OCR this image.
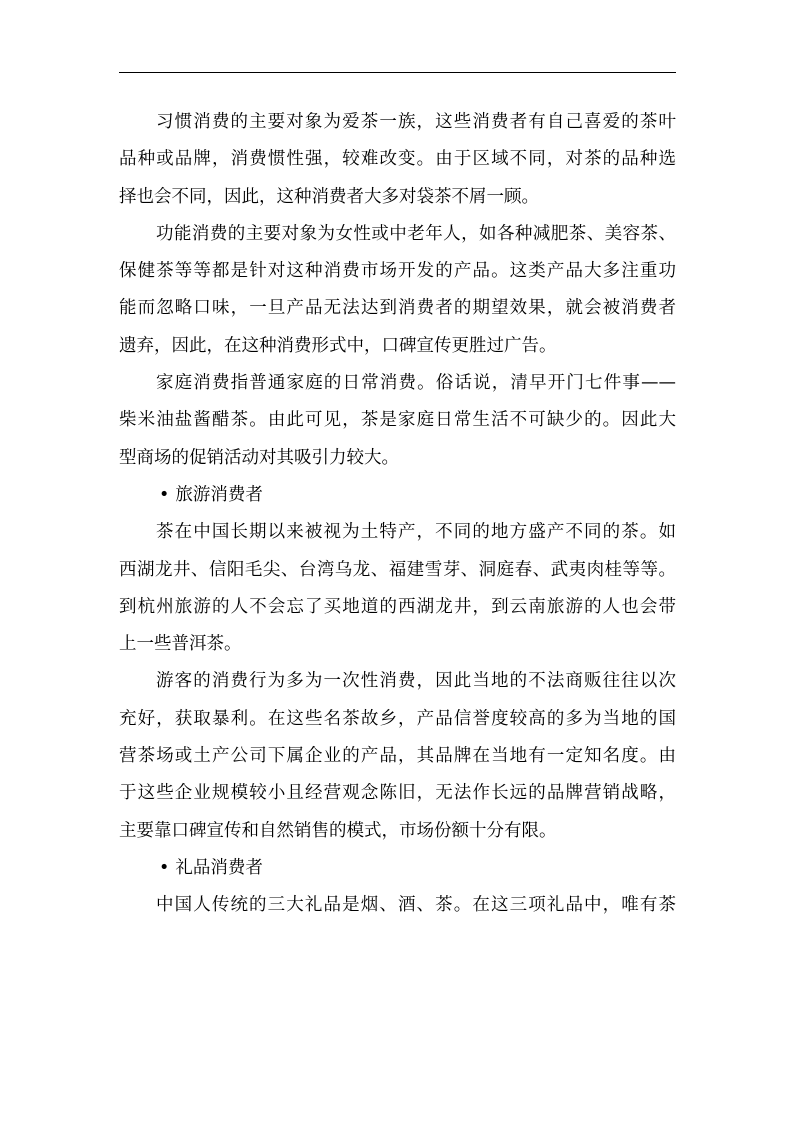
习惯消费的主要对象为爱茶一族，这些消费者有自己喜爱的茶叶
品种或品牌，消费惯性强，较难改变。由于区域不同，对茶的品种选
择也会不同，因此，这种消费者大多对袋茶不屑一顾。
功能消费的主要对象为女性或中老年人，如各种减肥茶、美容茶、
保健茶等等都是针对这种消费市场开发的产品。这类产品大多注重功
能而忽略口味，一旦产品无法达到消费者的期望效果，就会被消费者
遗弃，因此，在这种消费形式中，口碑宣传更胜过广告。
家庭消费指普通家庭的日常消费。俗话说，清早开门七件事——
柴米油盐酱醋茶。由此可见，茶是家庭日常生活不可缺少的。因此大
型商场的促销活动对其吸引力较大。
• 旅游消费者
茶在中国长期以来被视为土特产，不同的地方盛产不同的茶。如
西湖龙井、信阳毛尖、台湾乌龙、福建雪芽、洞庭春、武夷肉桂等等。
到杭州旅游的人不会忘了买地道的西湖龙井，到云南旅游的人也会带
上一些普洱茶。
游客的消费行为多为一次性消费，因此当地的不法商贩往往以次
充好，获取暴利。在这些名茶故乡，产品信誉度较高的多为当地的国
营茶场或土产公司下属企业的产品，其品牌在当地有一定知名度。由
于这些企业规模较小且经营观念陈旧，无法作长远的品牌营销战略，
主要靠口碑宣传和自然销售的模式，市场份额十分有限。
• 礼品消费者
中国人传统的三大礼品是烟、酒、茶。在这三项礼品中，唯有茶
